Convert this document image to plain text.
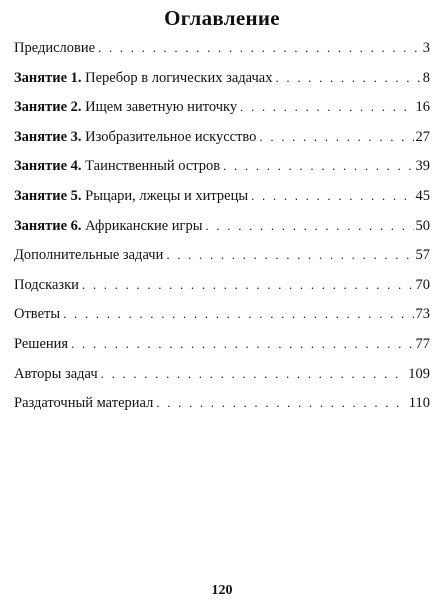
Оглавление
Предисловие . . .	3
Занятие 1. Перебор в логических задачах . . .	8
Занятие 2. Ищем заветную ниточку . . .	16
Занятие 3. Изобразительное искусство . . .	27
Занятие 4. Таинственный остров . . .	39
Занятие 5. Рыцари, лжецы и хитрецы . . .	45
Занятие 6. Африканские игры . . .	50
Дополнительные задачи . . .	57
Подсказки . . .	70
Ответы . . .	73
Решения . . .	77
Авторы задач . . .	109
Раздаточный материал . . .	110
120
